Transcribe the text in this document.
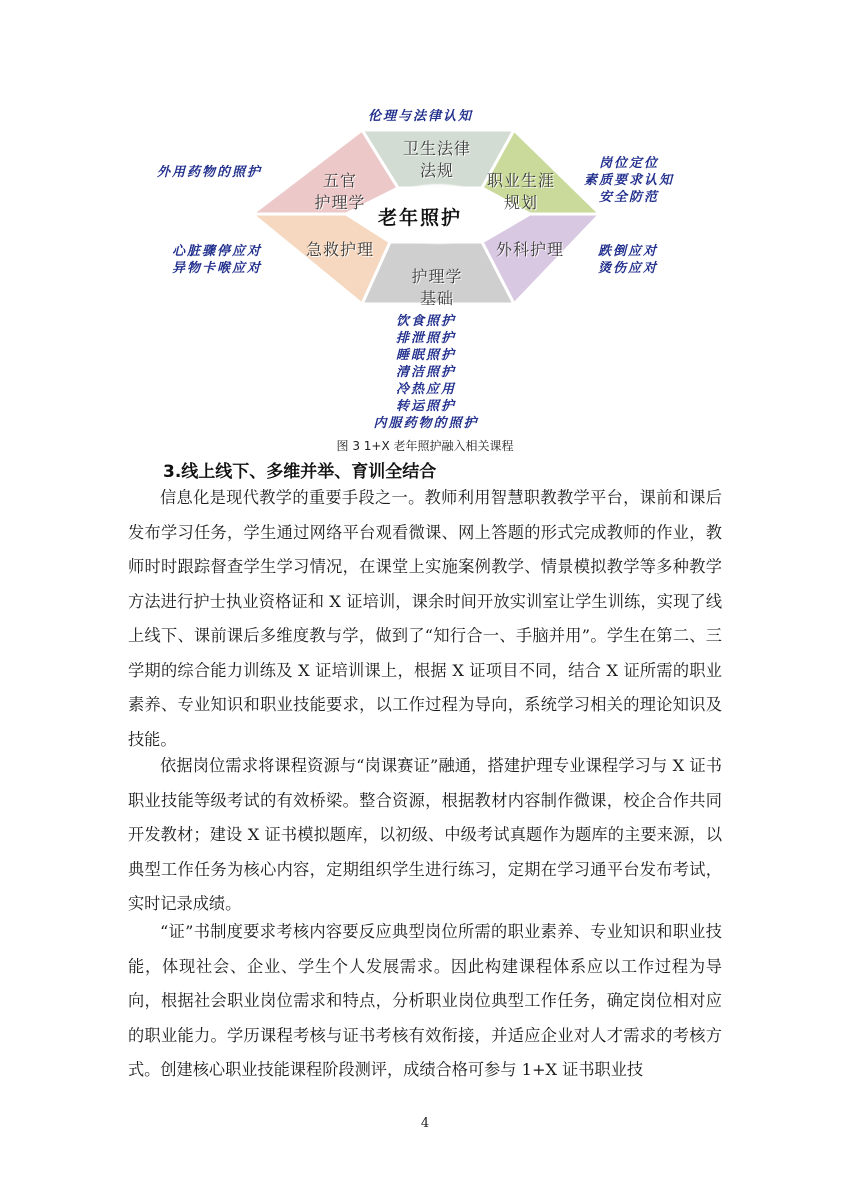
老年照护
卫生法律
法规
职业生涯
规划
外科护理
护理学
基础
急救护理
五官
护理学
伦理与法律认知
岗位定位
素质要求认知
安全防范
跌倒应对
烫伤应对
饮食照护
排泄照护
睡眠照护
清洁照护
冷热应用
转运照护
内服药物的照护
心脏骤停应对
异物卡喉应对
外用药物的照护
图 3 1+X 老年照护融入相关课程
3.线上线下、多维并举、育训全结合

信息化是现代教学的重要手段之一。教师利用智慧职教教学平台，课前和课后发布学习任务，学生通过网络平台观看微课、网上答题的形式完成教师的作业，教师时时跟踪督查学生学习情况，在课堂上实施案例教学、情景模拟教学等多种教学方法进行护士执业资格证和 X 证培训，课余时间开放实训室让学生训练，实现了线上线下、课前课后多维度教与学，做到了“知行合一、手脑并用”。学生在第二、三学期的综合能力训练及 X 证培训课上，根据 X 证项目不同，结合 X 证所需的职业素养、专业知识和职业技能要求，以工作过程为导向，系统学习相关的理论知识及技能。

依据岗位需求将课程资源与“岗课赛证”融通，搭建护理专业课程学习与 X 证书职业技能等级考试的有效桥梁。整合资源，根据教材内容制作微课，校企合作共同开发教材；建设 X 证书模拟题库，以初级、中级考试真题作为题库的主要来源，以典型工作任务为核心内容，定期组织学生进行练习，定期在学习通平台发布考试，实时记录成绩。

“证”书制度要求考核内容要反应典型岗位所需的职业素养、专业知识和职业技能，体现社会、企业、学生个人发展需求。因此构建课程体系应以工作过程为导向，根据社会职业岗位需求和特点，分析职业岗位典型工作任务，确定岗位相对应的职业能力。学历课程考核与证书考核有效衔接，并适应企业对人才需求的考核方式。创建核心职业技能课程阶段测评，成绩合格可参与 1+X 证书职业技

4
